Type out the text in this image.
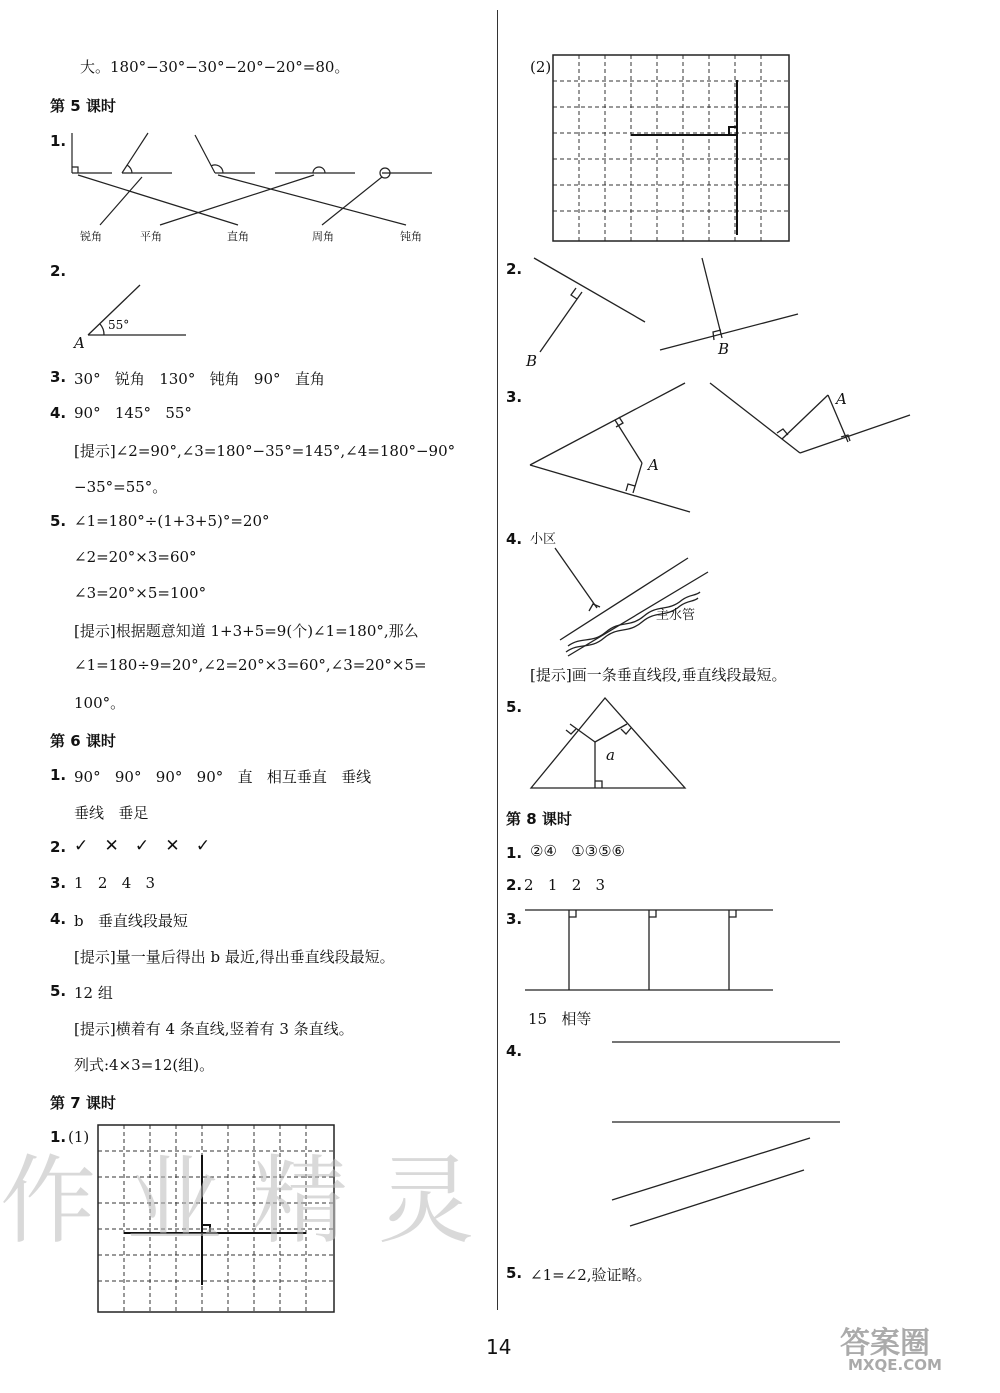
大。180°−30°−30°−20°−20°=80。
第 5 课时
1.
锐角	平角	直角	周角	钝角
2.
55°
A
3. 30°   锐角   130°   钝角   90°   直角
4. 90°   145°   55°
[提示]∠2=90°,∠3=180°−35°=145°,∠4=180°−90°
−35°=55°。
5. ∠1=180°÷(1+3+5)°=20°
∠2=20°×3=60°
∠3=20°×5=100°
[提示]根据题意知道 1+3+5=9(个)∠1=180°,那么
∠1=180÷9=20°,∠2=20°×3=60°,∠3=20°×5=
100°。
第 6 课时
1. 90°   90°   90°   90°   直   相互垂直   垂线
垂线   垂足
2. ✓   ✕   ✓   ✕   ✓
3. 1   2   4   3
4. b   垂直线段最短
[提示]量一量后得出 b 最近,得出垂直线段最短。
5. 12 组
[提示]横着有 4 条直线,竖着有 3 条直线。
列式:4×3=12(组)。
第 7 课时
1. (1)
作业精灵
(2)
2.
B
B
3.
A
A
4. 小区
主水管
[提示]画一条垂直线段,垂直线段最短。
5.
a
第 8 课时
1. ②④   ①③⑤⑥
2. 2   1   2   3
3.
15   相等
4.
5. ∠1=∠2,验证略。
14	答案圈
MXQE.COM
